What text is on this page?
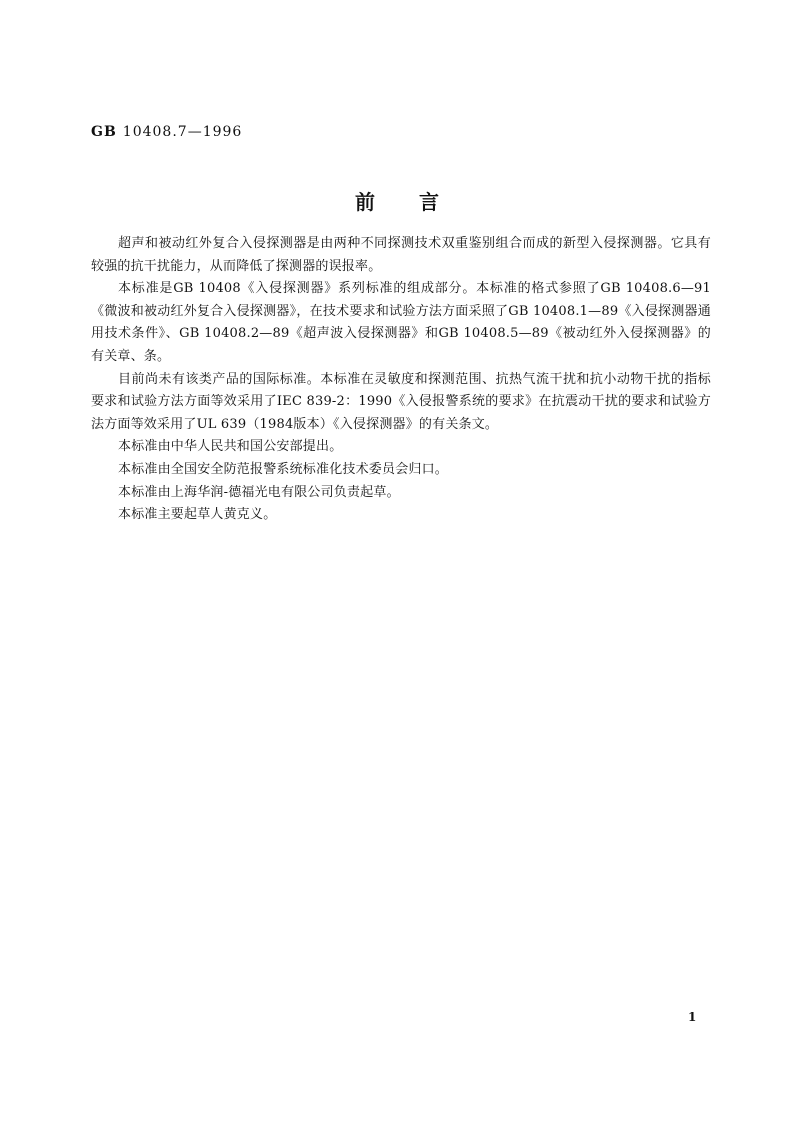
GB 10408.7—1996
前言

超声和被动红外复合入侵探测器是由两种不同探测技术双重鉴别组合而成的新型入侵探测器。它具有较强的抗干扰能力，从而降低了探测器的误报率。

本标准是GB 10408《入侵探测器》系列标准的组成部分。本标准的格式参照了GB 10408.6—91《微波和被动红外复合入侵探测器》，在技术要求和试验方法方面采照了GB 10408.1—89《入侵探测器通用技术条件》、GB 10408.2—89《超声波入侵探测器》和GB 10408.5—89《被动红外入侵探测器》的有关章、条。

目前尚未有该类产品的国际标准。本标准在灵敏度和探测范围、抗热气流干扰和抗小动物干扰的指标要求和试验方法方面等效采用了IEC 839-2：1990《入侵报警系统的要求》在抗震动干扰的要求和试验方法方面等效采用了UL 639（1984版本）《入侵探测器》的有关条文。

本标准由中华人民共和国公安部提出。

本标准由全国安全防范报警系统标准化技术委员会归口。

本标准由上海华润-德福光电有限公司负责起草。

本标准主要起草人黄克义。

1
